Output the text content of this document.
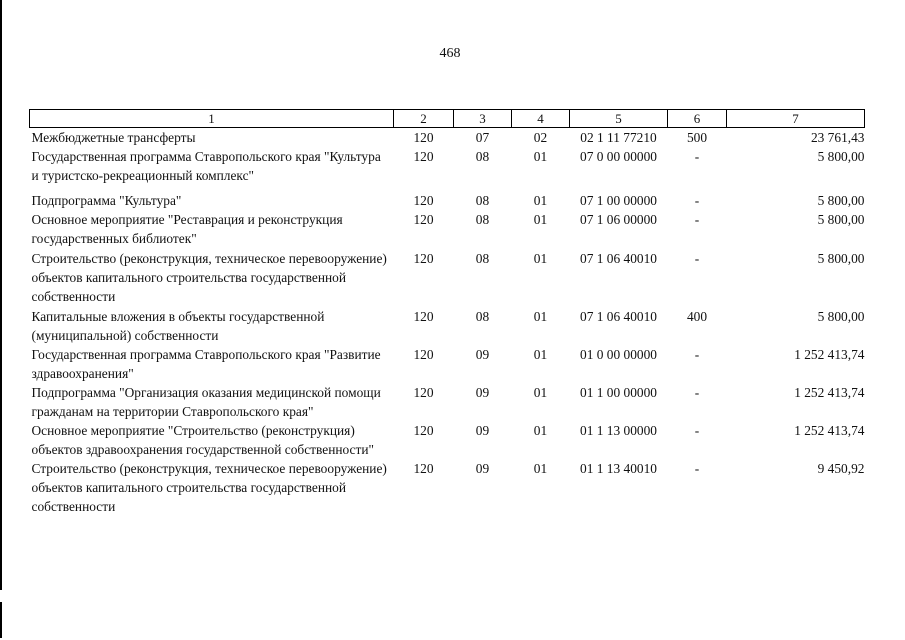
468
1	2	3	4	5	6	7
Межбюджетные трансферты	120	07	02	02 1 11 77210	500	23 761,43
Государственная программа Ставропольского края "Культура и туристско-рекреационный комплекс"	120	08	01	07 0 00 00000	-	5 800,00
Подпрограмма "Культура"	120	08	01	07 1 00 00000	-	5 800,00
Основное мероприятие "Реставрация и реконструкция государственных библиотек"	120	08	01	07 1 06 00000	-	5 800,00
Строительство (реконструкция, техническое перевооружение) объектов капитального строительства государственной собственности	120	08	01	07 1 06 40010	-	5 800,00
Капитальные вложения в объекты государственной (муниципальной) собственности	120	08	01	07 1 06 40010	400	5 800,00
Государственная программа Ставропольского края "Развитие здравоохранения"	120	09	01	01 0 00 00000	-	1 252 413,74
Подпрограмма "Организация оказания медицинской помощи гражданам на территории Ставропольского края"	120	09	01	01 1 00 00000	-	1 252 413,74
Основное мероприятие "Строительство (реконструкция) объектов здравоохранения государственной собственности"	120	09	01	01 1 13 00000	-	1 252 413,74
Строительство (реконструкция, техническое перевооружение) объектов капитального строительства государственной собственности	120	09	01	01 1 13 40010	-	9 450,92
